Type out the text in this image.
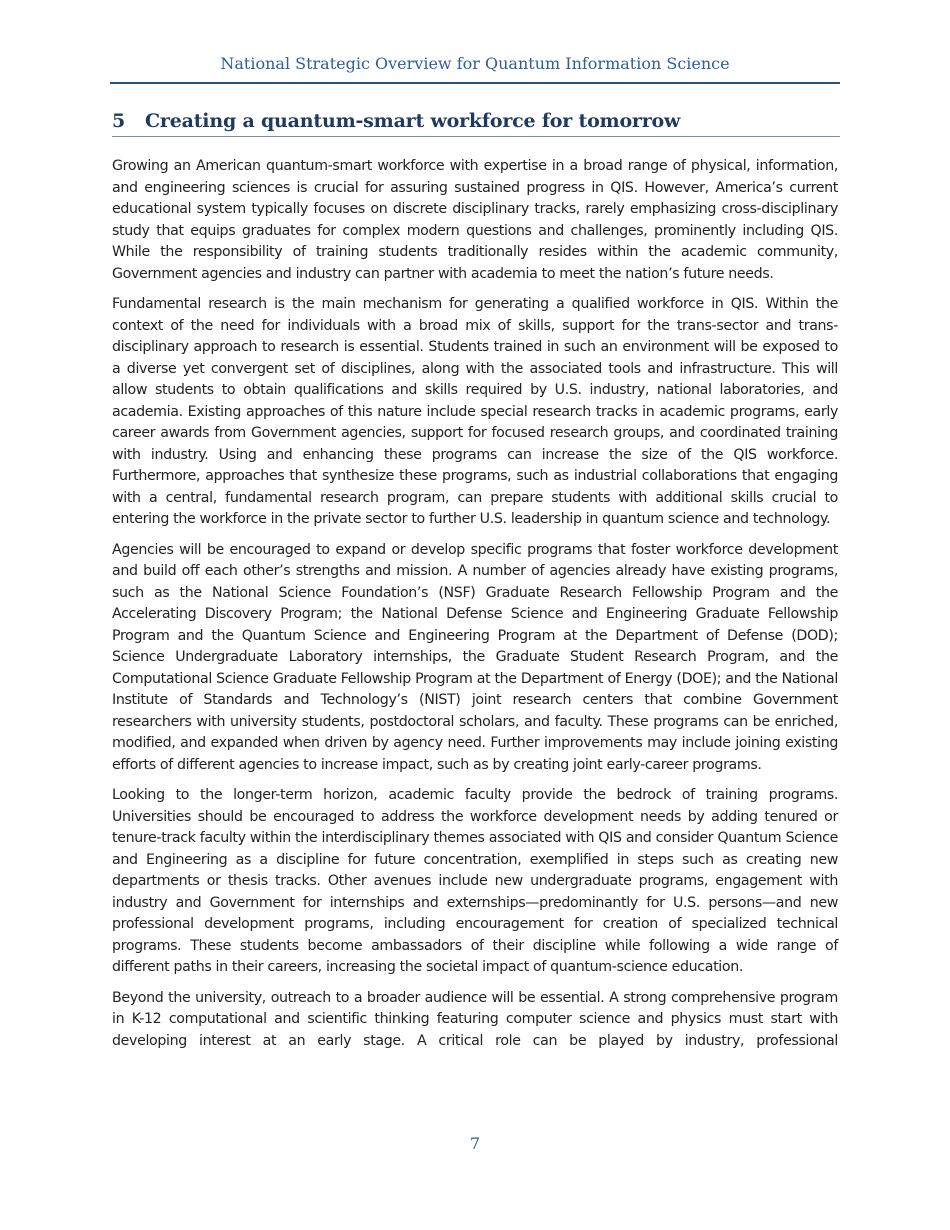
National Strategic Overview for Quantum Information Science
5 Creating a quantum-smart workforce for tomorrow

Growing an American quantum-smart workforce with expertise in a broad range of physical, information, and engineering sciences is crucial for assuring sustained progress in QIS. However, America’s current educational system typically focuses on discrete disciplinary tracks, rarely emphasizing cross-disciplinary study that equips graduates for complex modern questions and challenges, prominently including QIS. While the responsibility of training students traditionally resides within the academic community, Government agencies and industry can partner with academia to meet the nation’s future needs.

Fundamental research is the main mechanism for generating a qualified workforce in QIS. Within the context of the need for individuals with a broad mix of skills, support for the trans-sector and trans-disciplinary approach to research is essential. Students trained in such an environment will be exposed to a diverse yet convergent set of disciplines, along with the associated tools and infrastructure. This will allow students to obtain qualifications and skills required by U.S. industry, national laboratories, and academia. Existing approaches of this nature include special research tracks in academic programs, early career awards from Government agencies, support for focused research groups, and coordinated training with industry. Using and enhancing these programs can increase the size of the QIS workforce. Furthermore, approaches that synthesize these programs, such as industrial collaborations that engaging with a central, fundamental research program, can prepare students with additional skills crucial to entering the workforce in the private sector to further U.S. leadership in quantum science and technology.

Agencies will be encouraged to expand or develop specific programs that foster workforce development and build off each other’s strengths and mission. A number of agencies already have existing programs, such as the National Science Foundation’s (NSF) Graduate Research Fellowship Program and the Accelerating Discovery Program; the National Defense Science and Engineering Graduate Fellowship Program and the Quantum Science and Engineering Program at the Department of Defense (DOD); Science Undergraduate Laboratory internships, the Graduate Student Research Program, and the Computational Science Graduate Fellowship Program at the Department of Energy (DOE); and the National Institute of Standards and Technology’s (NIST) joint research centers that combine Government researchers with university students, postdoctoral scholars, and faculty. These programs can be enriched, modified, and expanded when driven by agency need. Further improvements may include joining existing efforts of different agencies to increase impact, such as by creating joint early-career programs.

Looking to the longer-term horizon, academic faculty provide the bedrock of training programs. Universities should be encouraged to address the workforce development needs by adding tenured or tenure-track faculty within the interdisciplinary themes associated with QIS and consider Quantum Science and Engineering as a discipline for future concentration, exemplified in steps such as creating new departments or thesis tracks. Other avenues include new undergraduate programs, engagement with industry and Government for internships and externships—predominantly for U.S. persons—and new professional development programs, including encouragement for creation of specialized technical programs. These students become ambassadors of their discipline while following a wide range of different paths in their careers, increasing the societal impact of quantum-science education.

Beyond the university, outreach to a broader audience will be essential. A strong comprehensive program in K-12 computational and scientific thinking featuring computer science and physics must start with developing interest at an early stage. A critical role can be played by industry, professional

7
